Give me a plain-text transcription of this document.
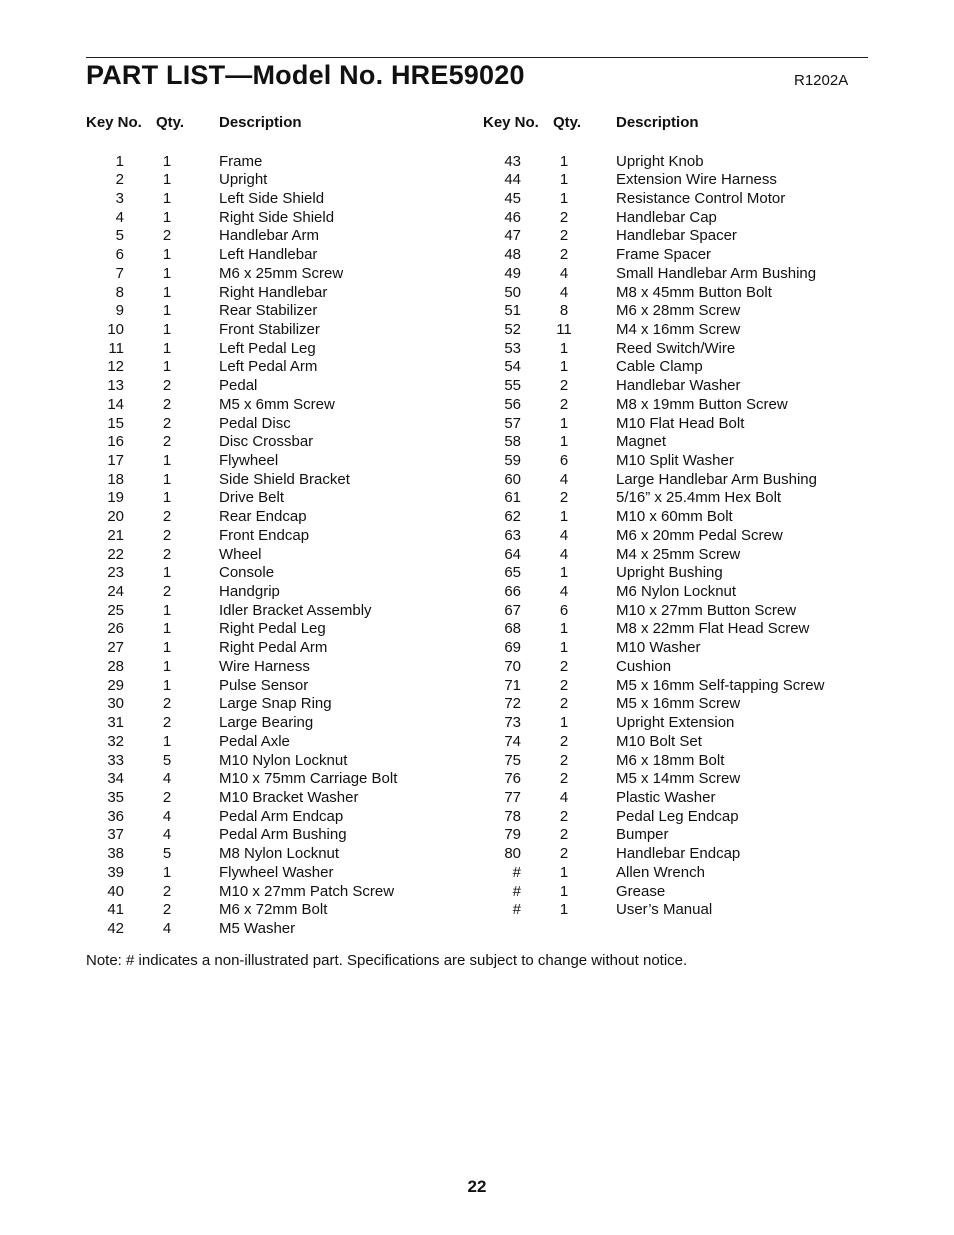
PART LIST—Model No. HRE59020	R1202A
Key No. Qty. Description
1	1	Frame
2	1	Upright
3	1	Left Side Shield
4	1	Right Side Shield
5	2	Handlebar Arm
6	1	Left Handlebar
7	1	M6 x 25mm Screw
8	1	Right Handlebar
9	1	Rear Stabilizer
10	1	Front Stabilizer
11	1	Left Pedal Leg
12	1	Left Pedal Arm
13	2	Pedal
14	2	M5 x 6mm Screw
15	2	Pedal Disc
16	2	Disc Crossbar
17	1	Flywheel
18	1	Side Shield Bracket
19	1	Drive Belt
20	2	Rear Endcap
21	2	Front Endcap
22	2	Wheel
23	1	Console
24	2	Handgrip
25	1	Idler Bracket Assembly
26	1	Right Pedal Leg
27	1	Right Pedal Arm
28	1	Wire Harness
29	1	Pulse Sensor
30	2	Large Snap Ring
31	2	Large Bearing
32	1	Pedal Axle
33	5	M10 Nylon Locknut
34	4	M10 x 75mm Carriage Bolt
35	2	M10 Bracket Washer
36	4	Pedal Arm Endcap
37	4	Pedal Arm Bushing
38	5	M8 Nylon Locknut
39	1	Flywheel Washer
40	2	M10 x 27mm Patch Screw
41	2	M6 x 72mm Bolt
42	4	M5 Washer
Key No. Qty. Description
43	1	Upright Knob
44	1	Extension Wire Harness
45	1	Resistance Control Motor
46	2	Handlebar Cap
47	2	Handlebar Spacer
48	2	Frame Spacer
49	4	Small Handlebar Arm Bushing
50	4	M8 x 45mm Button Bolt
51	8	M6 x 28mm Screw
52 11	M4 x 16mm Screw
53	1	Reed Switch/Wire
54	1	Cable Clamp
55	2	Handlebar Washer
56	2	M8 x 19mm Button Screw
57	1	M10 Flat Head Bolt
58	1	Magnet
59	6	M10 Split Washer
60	4	Large Handlebar Arm Bushing
61	2	5/16” x 25.4mm Hex Bolt
62	1	M10 x 60mm Bolt
63	4	M6 x 20mm Pedal Screw
64	4	M4 x 25mm Screw
65	1	Upright Bushing
66	4	M6 Nylon Locknut
67	6	M10 x 27mm Button Screw
68	1	M8 x 22mm Flat Head Screw
69	1	M10 Washer
70	2	Cushion
71	2	M5 x 16mm Self-tapping Screw
72	2	M5 x 16mm Screw
73	1	Upright Extension
74	2	M10 Bolt Set
75	2	M6 x 18mm Bolt
76	2	M5 x 14mm Screw
77	4	Plastic Washer
78	2	Pedal Leg Endcap
79	2	Bumper
80	2	Handlebar Endcap
#	1	Allen Wrench
#	1	Grease
#	1	User’s Manual
Note: # indicates a non-illustrated part. Specifications are subject to change without notice.
22
